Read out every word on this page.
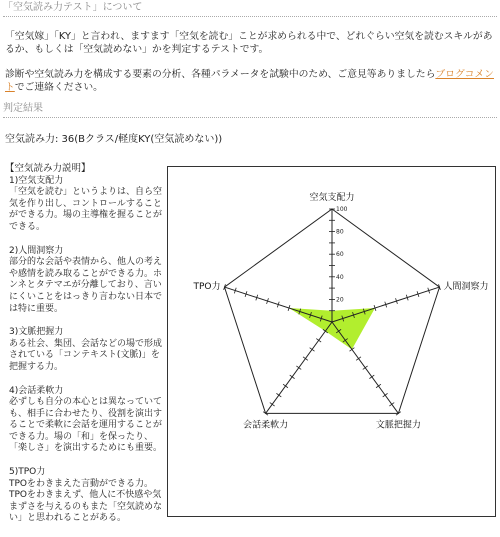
「空気読み力テスト」について
「空気嫁」「KY」と言われ、ますます「空気を読む」ことが求められる中で、どれぐらい空気を読むスキルがあるか、もしくは「空気読めない」かを判定するテストです。
診断や空気読み力を構成する要素の分析、各種パラメータを試験中のため、ご意見等ありましたらブログコメントでご連絡ください。
判定結果
空気読み力: 36(Bクラス/軽度KY(空気読めない))
【空気読み力説明】
1)空気支配力
「空気を読む」というよりは、自ら空気を作り出し、コントロールすることができる力。場の主導権を握ることができる。
2)人間洞察力
部分的な会話や表情から、他人の考えや感情を読み取ることができる力。ホンネとタテマエが分離しており、言いにくいことをはっきり言わない日本では特に重要。
3)文脈把握力
ある社会、集団、会話などの場で形成されている「コンテキスト(文脈)」を把握する力。
4)会話柔軟力
必ずしも自分の本心とは異なっていても、相手に合わせたり、役割を演出することで柔軟に会話を運用することができる力。場の「和」を保ったり、「楽しさ」を演出するためにも重要。
5)TPO力
TPOをわきまえた言動ができる力。TPOをわきまえず、他人に不快感や気まずさを与えるのもまた「空気読めない」と思われることがある。
20
40
60
80
100
空気支配力
人間洞察力
文脈把握力
会話柔軟力
TPO力
